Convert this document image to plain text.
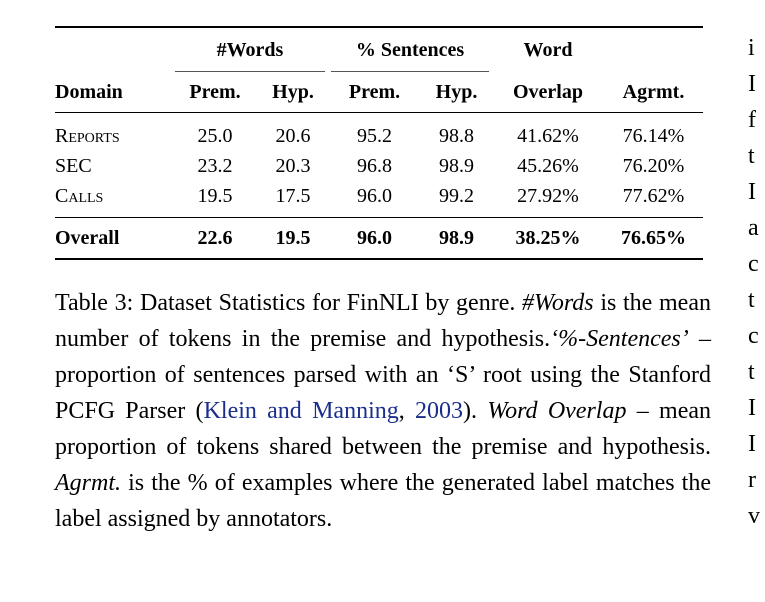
	#Words		% Sentences		Word	
Domain	Prem.	Hyp.	Prem.	Hyp.	Overlap	Agrmt.
Reports	25.0	20.6	95.2	98.8	41.62%	76.14%
SEC	23.2	20.3	96.8	98.9	45.26%	76.20%
Calls	19.5	17.5	96.0	99.2	27.92%	77.62%
Overall	22.6	19.5	96.0	98.9	38.25%	76.65%
Table 3: Dataset Statistics for FinNLI by genre. #Words is the mean number of tokens in the premise and hypothesis.‘%-Sentences’ – proportion of sentences parsed with an ‘S’ root using the Stanford PCFG Parser (Klein and Manning, 2003). Word Overlap – mean proportion of tokens shared between the premise and hypothesis. Agrmt. is the % of examples where the generated label matches the label assigned by annotators.
i
I
f
t
I
a
c
t
c
t
I
I
r
v
